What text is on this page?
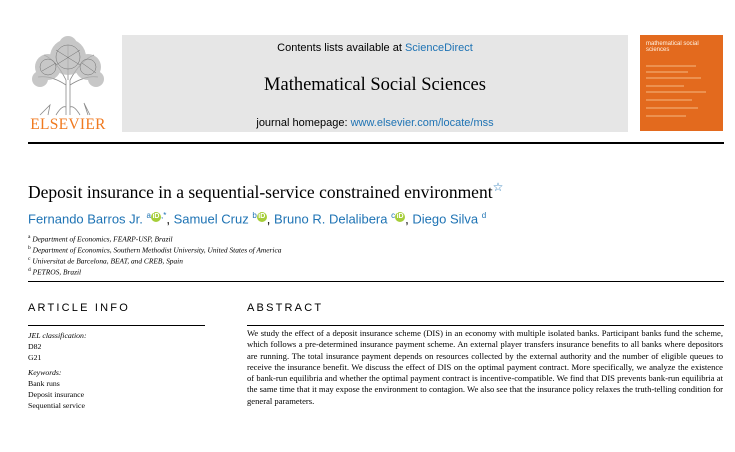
ELSEVIER
Contents lists available at ScienceDirect
Mathematical Social Sciences
journal homepage: www.elsevier.com/locate/mss
mathematical social sciences
Deposit insurance in a sequential-service constrained environment☆
Fernando Barros Jr. $^a$ iD ,*, Samuel Cruz $^b$ iD , Bruno R. Delalibera $^c$ iD , Diego Silva $^d$
$^a$ Department of Economics, FEARP-USP, Brazil
$^b$ Department of Economics, Southern Methodist University, United States of America
$^c$ Universitat de Barcelona, BEAT, and CREB, Spain
$^d$ PETROS, Brazil
ARTICLE INFO
JEL classification:
D82
G21
Keywords:
Bank runs
Deposit insurance
Sequential service
ABSTRACT
We study the effect of a deposit insurance scheme (DIS) in an economy with multiple isolated banks. Participant banks fund the scheme, which follows a pre-determined insurance payment scheme. An external player transfers insurance benefits to all banks where depositors are running. The total insurance payment depends on resources collected by the external authority and the number of eligible queues to receive the insurance benefit. We discuss the effect of DIS on the optimal payment contract. More specifically, we analyze the existence of bank-run equilibria and whether the optimal payment contract is incentive-compatible. We find that DIS prevents bank-run equilibria at the same time that it may expose the environment to contagion. We also see that the insurance policy relaxes the truth-telling condition for general parameters.
